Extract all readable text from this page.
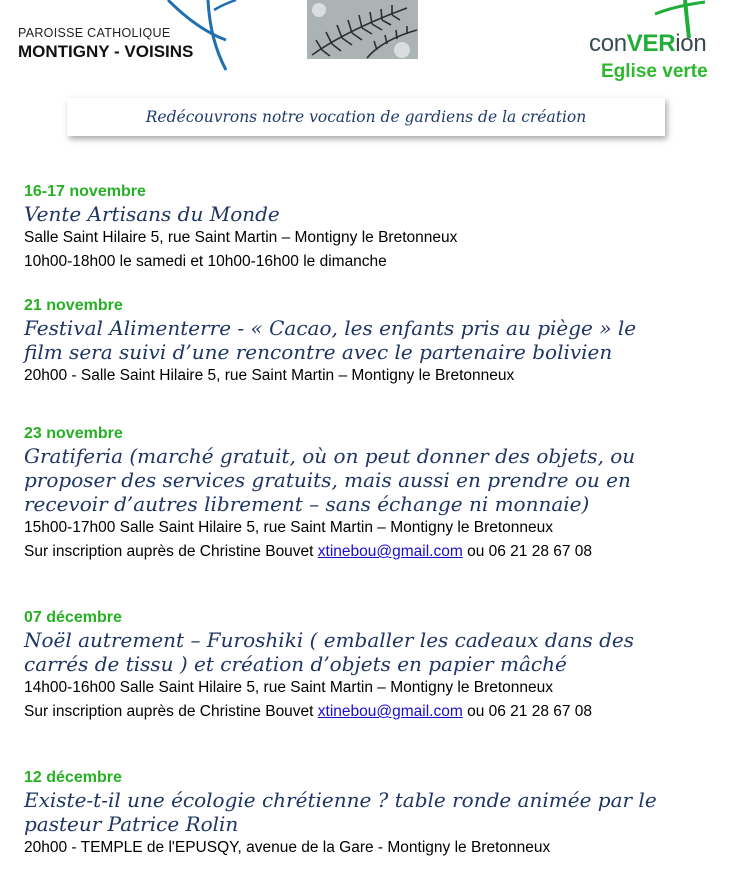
PAROISSE CATHOLIQUE
MONTIGNY - VOISINS	conVERion
Eglise verte
Redécouvrons notre vocation de gardiens de la création
16-17 novembre
Vente Artisans du Monde
Salle Saint Hilaire 5, rue Saint Martin – Montigny le Bretonneux
10h00-18h00 le samedi et 10h00-16h00 le dimanche
21 novembre
Festival Alimenterre - « Cacao, les enfants pris au piège » le
film sera suivi d’une rencontre avec le partenaire bolivien
20h00 - Salle Saint Hilaire 5, rue Saint Martin – Montigny le Bretonneux
23 novembre
Gratiferia (marché gratuit, où on peut donner des objets, ou
proposer des services gratuits, mais aussi en prendre ou en
recevoir d’autres librement – sans échange ni monnaie)
15h00-17h00 Salle Saint Hilaire 5, rue Saint Martin – Montigny le Bretonneux
Sur inscription auprès de Christine Bouvet xtinebou@gmail.com ou 06 21 28 67 08
07 décembre
Noël autrement – Furoshiki ( emballer les cadeaux dans des
carrés de tissu ) et création d’objets en papier mâché
14h00-16h00 Salle Saint Hilaire 5, rue Saint Martin – Montigny le Bretonneux
Sur inscription auprès de Christine Bouvet xtinebou@gmail.com ou 06 21 28 67 08
12 décembre
Existe-t-il une écologie chrétienne ? table ronde animée par le
pasteur Patrice Rolin
20h00 - TEMPLE de l'EPUSQY, avenue de la Gare - Montigny le Bretonneux
